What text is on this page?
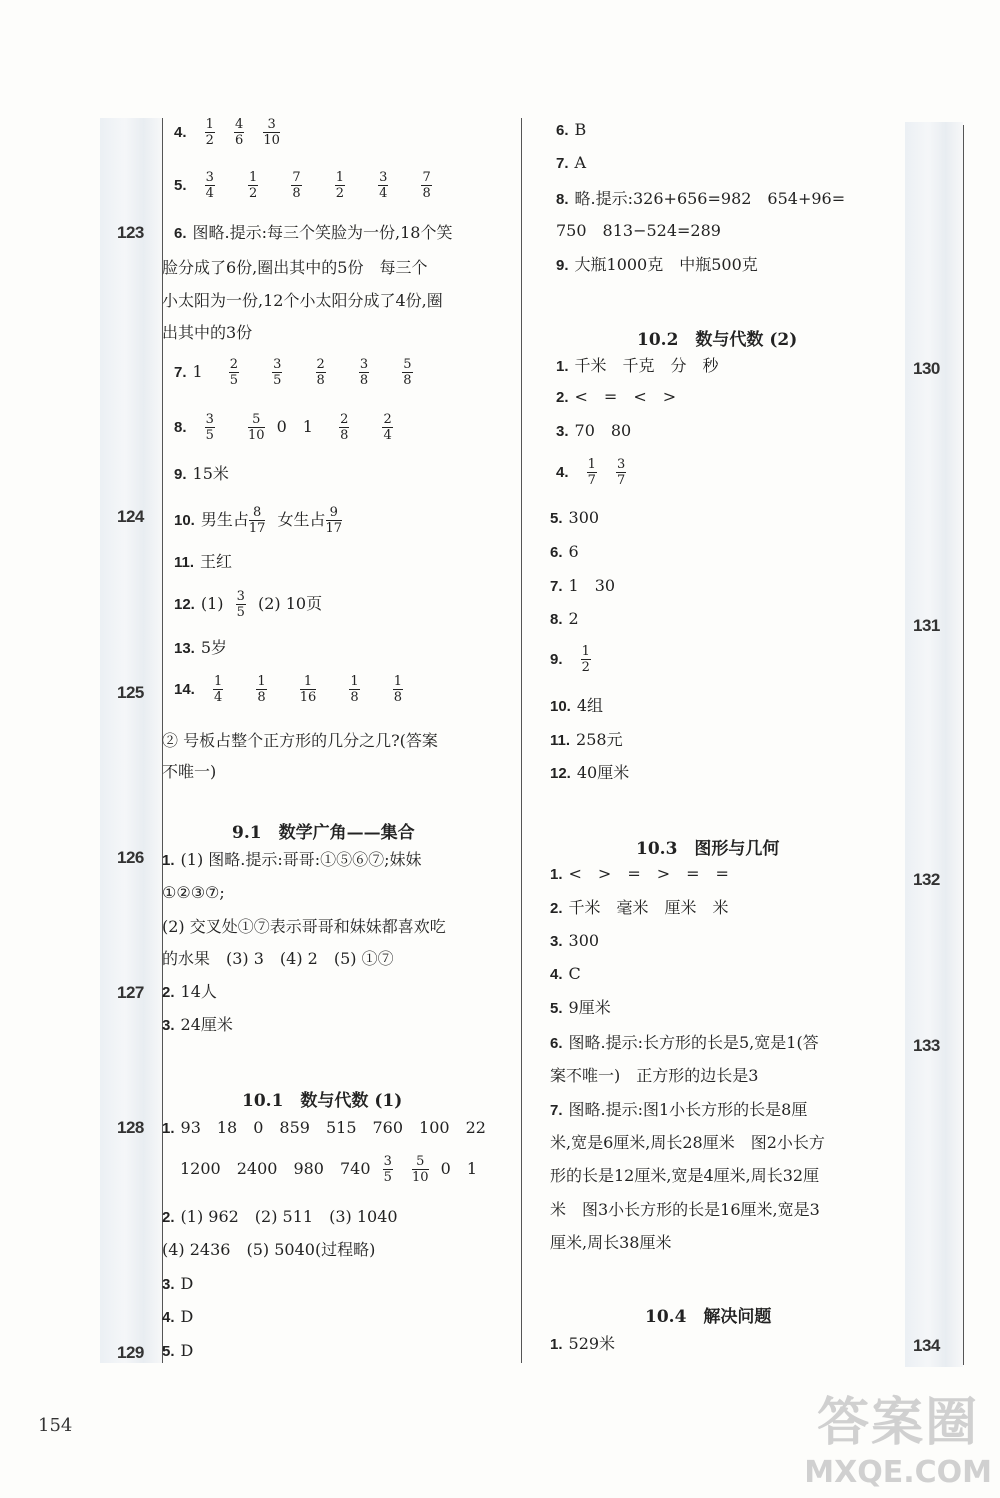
123
124
125
126
127
128
129
130
131
132
133
134
4. $\frac{1}{2}$
$\frac{4}{6}$
$\frac{3}{10}$
5. $\frac{3}{4}$
	$\frac{1}{2}$
	$\frac{7}{8}$
	$\frac{1}{2}$
	$\frac{3}{4}$
	$\frac{7}{8}$
6. 图略.提示:每三个笑脸为一份,18个笑
脸分成了6份,圈出其中的5份　每三个
小太阳为一份,12个小太阳分成了4份,圈
出其中的3份
7. $1 \frac{2}{5}$
	$\frac{3}{5}$
	$\frac{2}{8}$
	$\frac{3}{8}$
	$\frac{5}{8}$
8. $\frac{3}{5}$
	$\frac{5}{10} 0$　$1 \frac{2}{8}$
	$\frac{2}{4}$
9. 15米
10. 男生占 $\frac{8}{17}$ 女生占 $\frac{9}{17}$
11. 王红
12. $(1) \frac{3}{5} (2)$ 10页
13. 5岁
14. $\frac{1}{4}$
	$\frac{1}{8}$
	$\frac{1}{16}$
	$\frac{1}{8}$
	$\frac{1}{8}$
② 号板占整个正方形的几分之几?(答案
不唯一)
9.1　数学广角——集合
1. (1) 图略.提示:哥哥:①⑤⑥⑦;妹妹
①②③⑦;
(2) 交叉处①⑦表示哥哥和妹妹都喜欢吃
的水果　(3) 3　(4) 2　(5) ①⑦
2. 14人
3. 24厘米
10.1　数与代数 (1)
1. 93　18　0　859　515　760　100　22
1200　2400　980　$740 \frac{3}{5}$
$\frac{5}{10} 0$　1
2. (1) 962　(2) 511　(3) 1040
(4) 2436　(5) 5040(过程略)
3. D
4. D
5. D
6. B
7. A
8. 略.提示:326+656=982　654+96=
750　813−524=289
9. 大瓶1000克　中瓶500克
10.2　数与代数 (2)
1. 千米　千克　分　秒
2. <　=　<　>
3. 70　80
4. $\frac{1}{7}$
$\frac{3}{7}$
5. 300
6. 6
7. 1　30
8. 2
9. $\frac{1}{2}$
10. 4组
11. 258元
12. 40厘米
10.3　图形与几何
1. <　>　=　>　=　=
2. 千米　毫米　厘米　米
3. 300
4. C
5. 9厘米
6. 图略.提示:长方形的长是5,宽是1(答
案不唯一)　正方形的边长是3
7. 图略.提示:图1小长方形的长是8厘
米,宽是6厘米,周长28厘米　图2小长方
形的长是12厘米,宽是4厘米,周长32厘
米　图3小长方形的长是16厘米,宽是3
厘米,周长38厘米
10.4　解决问题
1. 529米
154	答案圈
MXQE.COM
